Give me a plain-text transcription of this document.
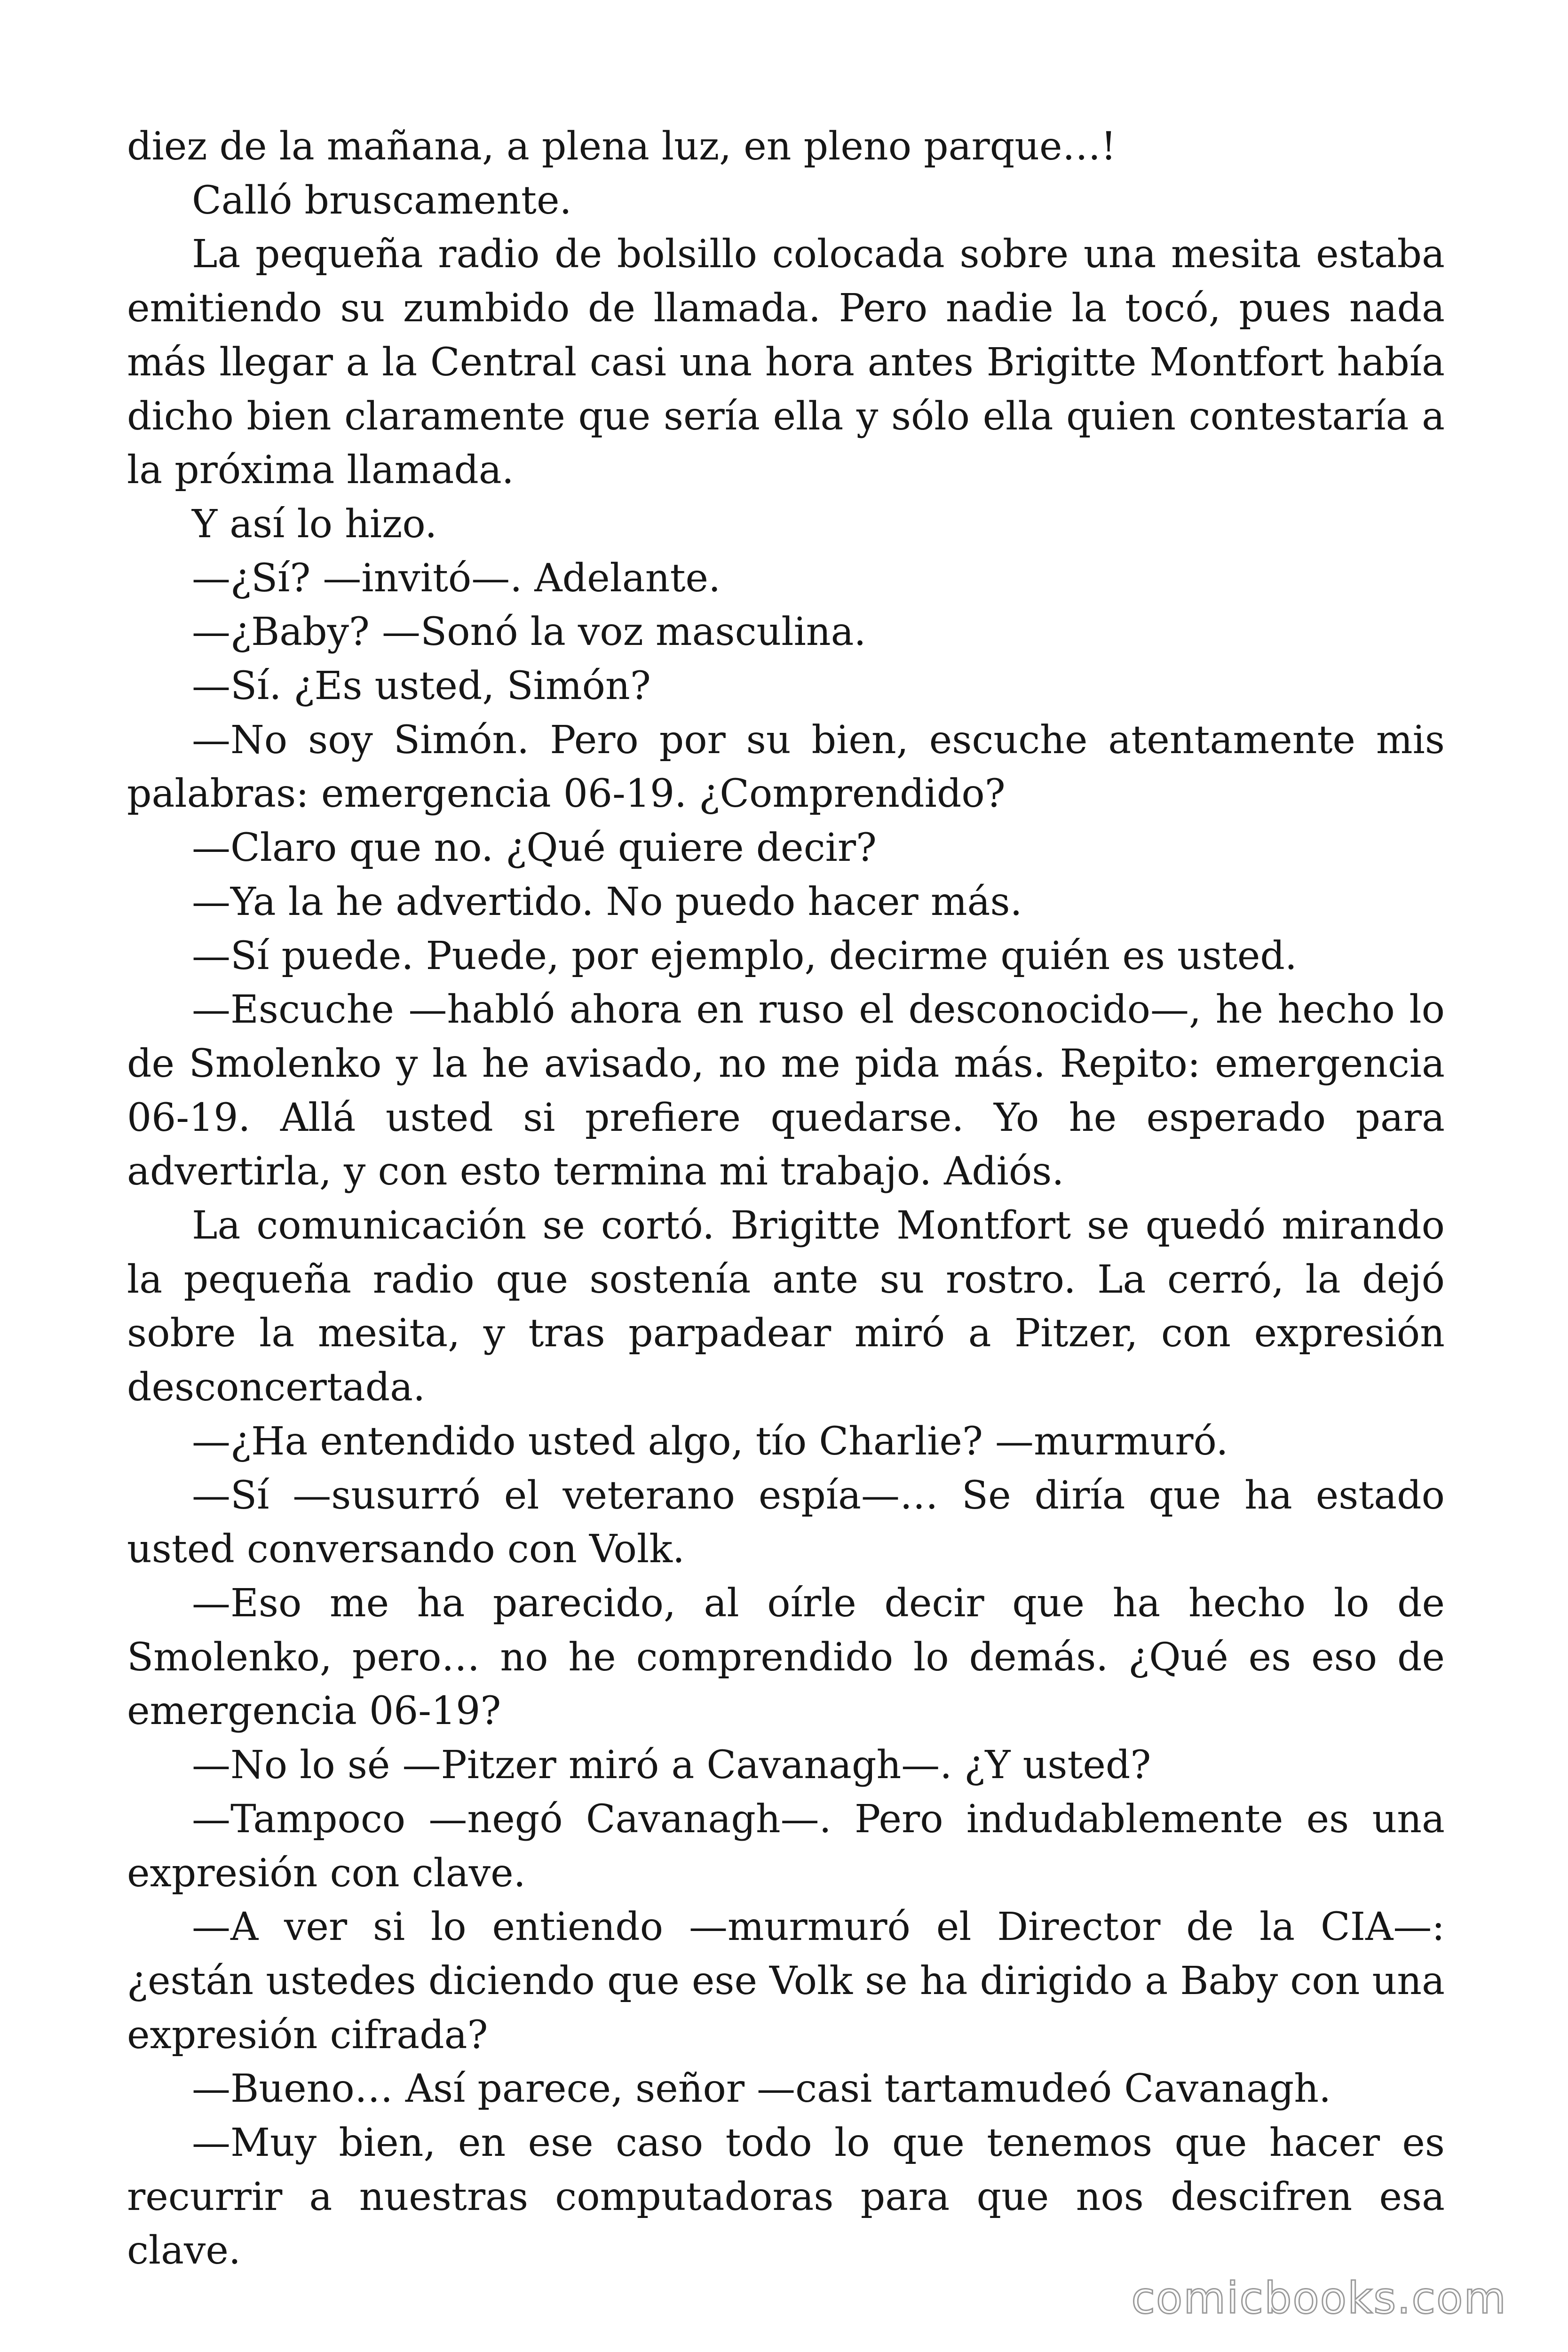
diez de la mañana, a plena luz, en pleno parque…!

Calló bruscamente.

La pequeña radio de bolsillo colocada sobre una mesita estaba emitiendo su zumbido de llamada. Pero nadie la tocó, pues nada más llegar a la Central casi una hora antes Brigitte Montfort había dicho bien claramente que sería ella y sólo ella quien contestaría a la próxima llamada.

Y así lo hizo.

—¿Sí? —invitó—. Adelante.

—¿Baby? —Sonó la voz masculina.

—Sí. ¿Es usted, Simón?

—No soy Simón. Pero por su bien, escuche atentamente mis palabras: emergencia 06-19. ¿Comprendido?

—Claro que no. ¿Qué quiere decir?

—Ya la he advertido. No puedo hacer más.

—Sí puede. Puede, por ejemplo, decirme quién es usted.

—Escuche —habló ahora en ruso el desconocido—, he hecho lo de Smolenko y la he avisado, no me pida más. Repito: emergencia 06-19. Allá usted si prefiere quedarse. Yo he esperado para advertirla, y con esto termina mi trabajo. Adiós.

La comunicación se cortó. Brigitte Montfort se quedó mirando la pequeña radio que sostenía ante su rostro. La cerró, la dejó sobre la mesita, y tras parpadear miró a Pitzer, con expresión desconcertada.

—¿Ha entendido usted algo, tío Charlie? —murmuró.

—Sí —susurró el veterano espía—… Se diría que ha estado usted conversando con Volk.

—Eso me ha parecido, al oírle decir que ha hecho lo de Smolenko, pero… no he comprendido lo demás. ¿Qué es eso de emergencia 06-19?

—No lo sé —Pitzer miró a Cavanagh—. ¿Y usted?

—Tampoco —negó Cavanagh—. Pero indudablemente es una expresión con clave.

—A ver si lo entiendo —murmuró el Director de la CIA—: ¿están ustedes diciendo que ese Volk se ha dirigido a Baby con una expresión cifrada?

—Bueno… Así parece, señor —casi tartamudeó Cavanagh.

—Muy bien, en ese caso todo lo que tenemos que hacer es recurrir a nuestras computadoras para que nos descifren esa clave.

comicbooks.com
